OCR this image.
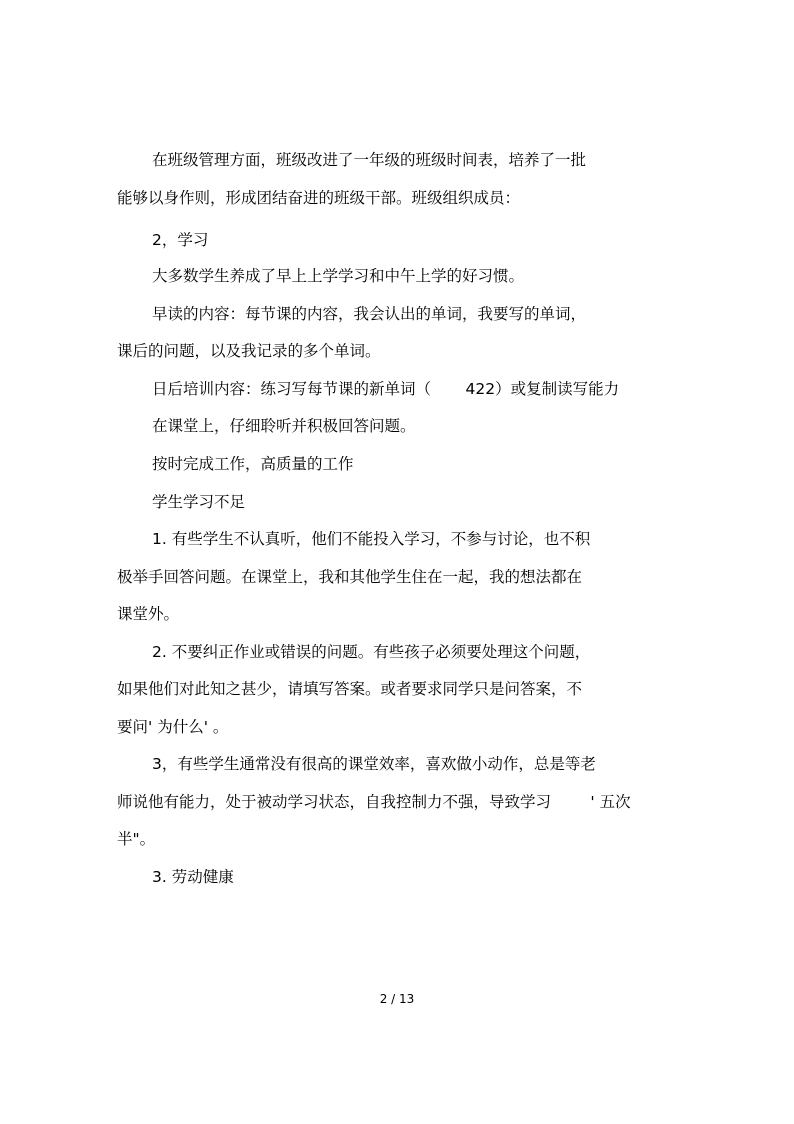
在班级管理方面，班级改进了一年级的班级时间表，培养了一批
能够以身作则，形成团结奋进的班级干部。班级组织成员：
2，学习
大多数学生养成了早上上学学习和中午上学的好习惯。
早读的内容：每节课的内容，我会认出的单词，我要写的单词，
课后的问题，以及我记录的多个单词。
日后培训内容：练习写每节课的新单词（       422）或复制读写能力
在课堂上，仔细聆听并积极回答问题。
按时完成工作，高质量的工作
学生学习不足
1. 有些学生不认真听，他们不能投入学习，不参与讨论，也不积
极举手回答问题。在课堂上，我和其他学生住在一起，我的想法都在
课堂外。
2. 不要纠正作业或错误的问题。有些孩子必须要处理这个问题，
如果他们对此知之甚少，请填写答案。或者要求同学只是问答案，不
要问' 为什么' 。
3，有些学生通常没有很高的课堂效率，喜欢做小动作，总是等老
师说他有能力，处于被动学习状态，自我控制力不强，导致学习        ' 五次
半"。
3. 劳动健康
2 / 13
